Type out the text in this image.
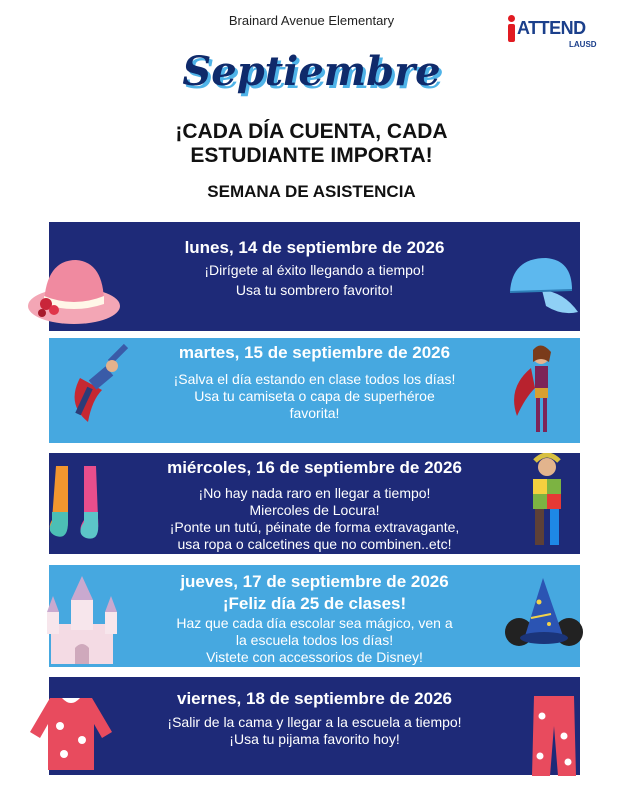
Brainard Avenue Elementary	ATTEND
LAUSD
Septiembre
¡CADA DÍA CUENTA, CADA
ESTUDIANTE IMPORTA!
SEMANA DE ASISTENCIA
lunes, 14 de septiembre de 2026
¡Dirígete al éxito llegando a tiempo!
Usa tu sombrero favorito!
martes, 15 de septiembre de 2026
¡Salva el día estando en clase todos los días!
Usa tu camiseta o capa de superhéroe
favorita!
miércoles, 16 de septiembre de 2026
¡No hay nada raro en llegar a tiempo!
Miercoles de Locura!
¡Ponte un tutú, péinate de forma extravagante,
usa ropa o calcetines que no combinen..etc!
jueves, 17 de septiembre de 2026
¡Feliz día 25 de clases!
Haz que cada día escolar sea mágico, ven a
la escuela todos los días!
Vistete con accessorios de Disney!
viernes, 18 de septiembre de 2026
¡Salir de la cama y llegar a la escuela a tiempo!
¡Usa tu pijama favorito hoy!
